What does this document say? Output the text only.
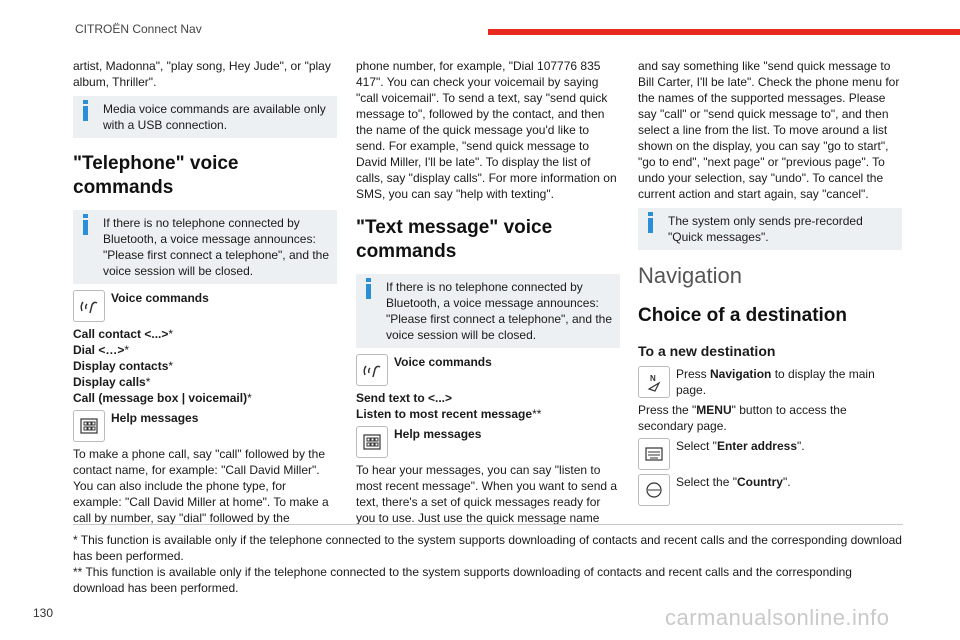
CITROËN Connect Nav

artist, Madonna", "play song, Hey Jude", or "play album, Thriller".

Media voice commands are available only with a USB connection.
"Telephone" voice commands
If there is no telephone connected by Bluetooth, a voice message announces: "Please first connect a telephone", and the voice session will be closed.
Voice commands
Call contact <...>*
Dial <…>*
Display contacts*
Display calls*
Call (message box | voicemail)*
Help messages

To make a phone call, say "call" followed by the contact name, for example: "Call David Miller". You can also include the phone type, for example: "Call David Miller at home". To make a call by number, say "dial" followed by the

phone number, for example, "Dial 107776 835 417". You can check your voicemail by saying "call voicemail". To send a text, say "send quick message to", followed by the contact, and then the name of the quick message you'd like to send. For example, "send quick message to David Miller, I'll be late". To display the list of calls, say "display calls". For more information on SMS, you can say "help with texting".

"Text message" voice commands
If there is no telephone connected by Bluetooth, a voice message announces: "Please first connect a telephone", and the voice session will be closed.
Voice commands
Send text to <...>
Listen to most recent message**
Help messages

To hear your messages, you can say "listen to most recent message". When you want to send a text, there's a set of quick messages ready for you to use. Just use the quick message name

and say something like "send quick message to Bill Carter, I'll be late". Check the phone menu for the names of the supported messages. Please say "call" or "send quick message to", and then select a line from the list. To move around a list shown on the display, you can say "go to start", "go to end", "next page" or "previous page". To undo your selection, say "undo". To cancel the current action and start again, say "cancel".

The system only sends pre-recorded "Quick messages".
Navigation
Choice of a destination
To a new destination
N Press Navigation to display the main page.

Press the "MENU" button to access the secondary page.

Select "Enter address".
Select the "Country".

* This function is available only if the telephone connected to the system supports downloading of contacts and recent calls and the corresponding download has been performed.

** This function is available only if the telephone connected to the system supports downloading of contacts and recent calls and the corresponding download has been performed.

130	carmanualsonline.info
